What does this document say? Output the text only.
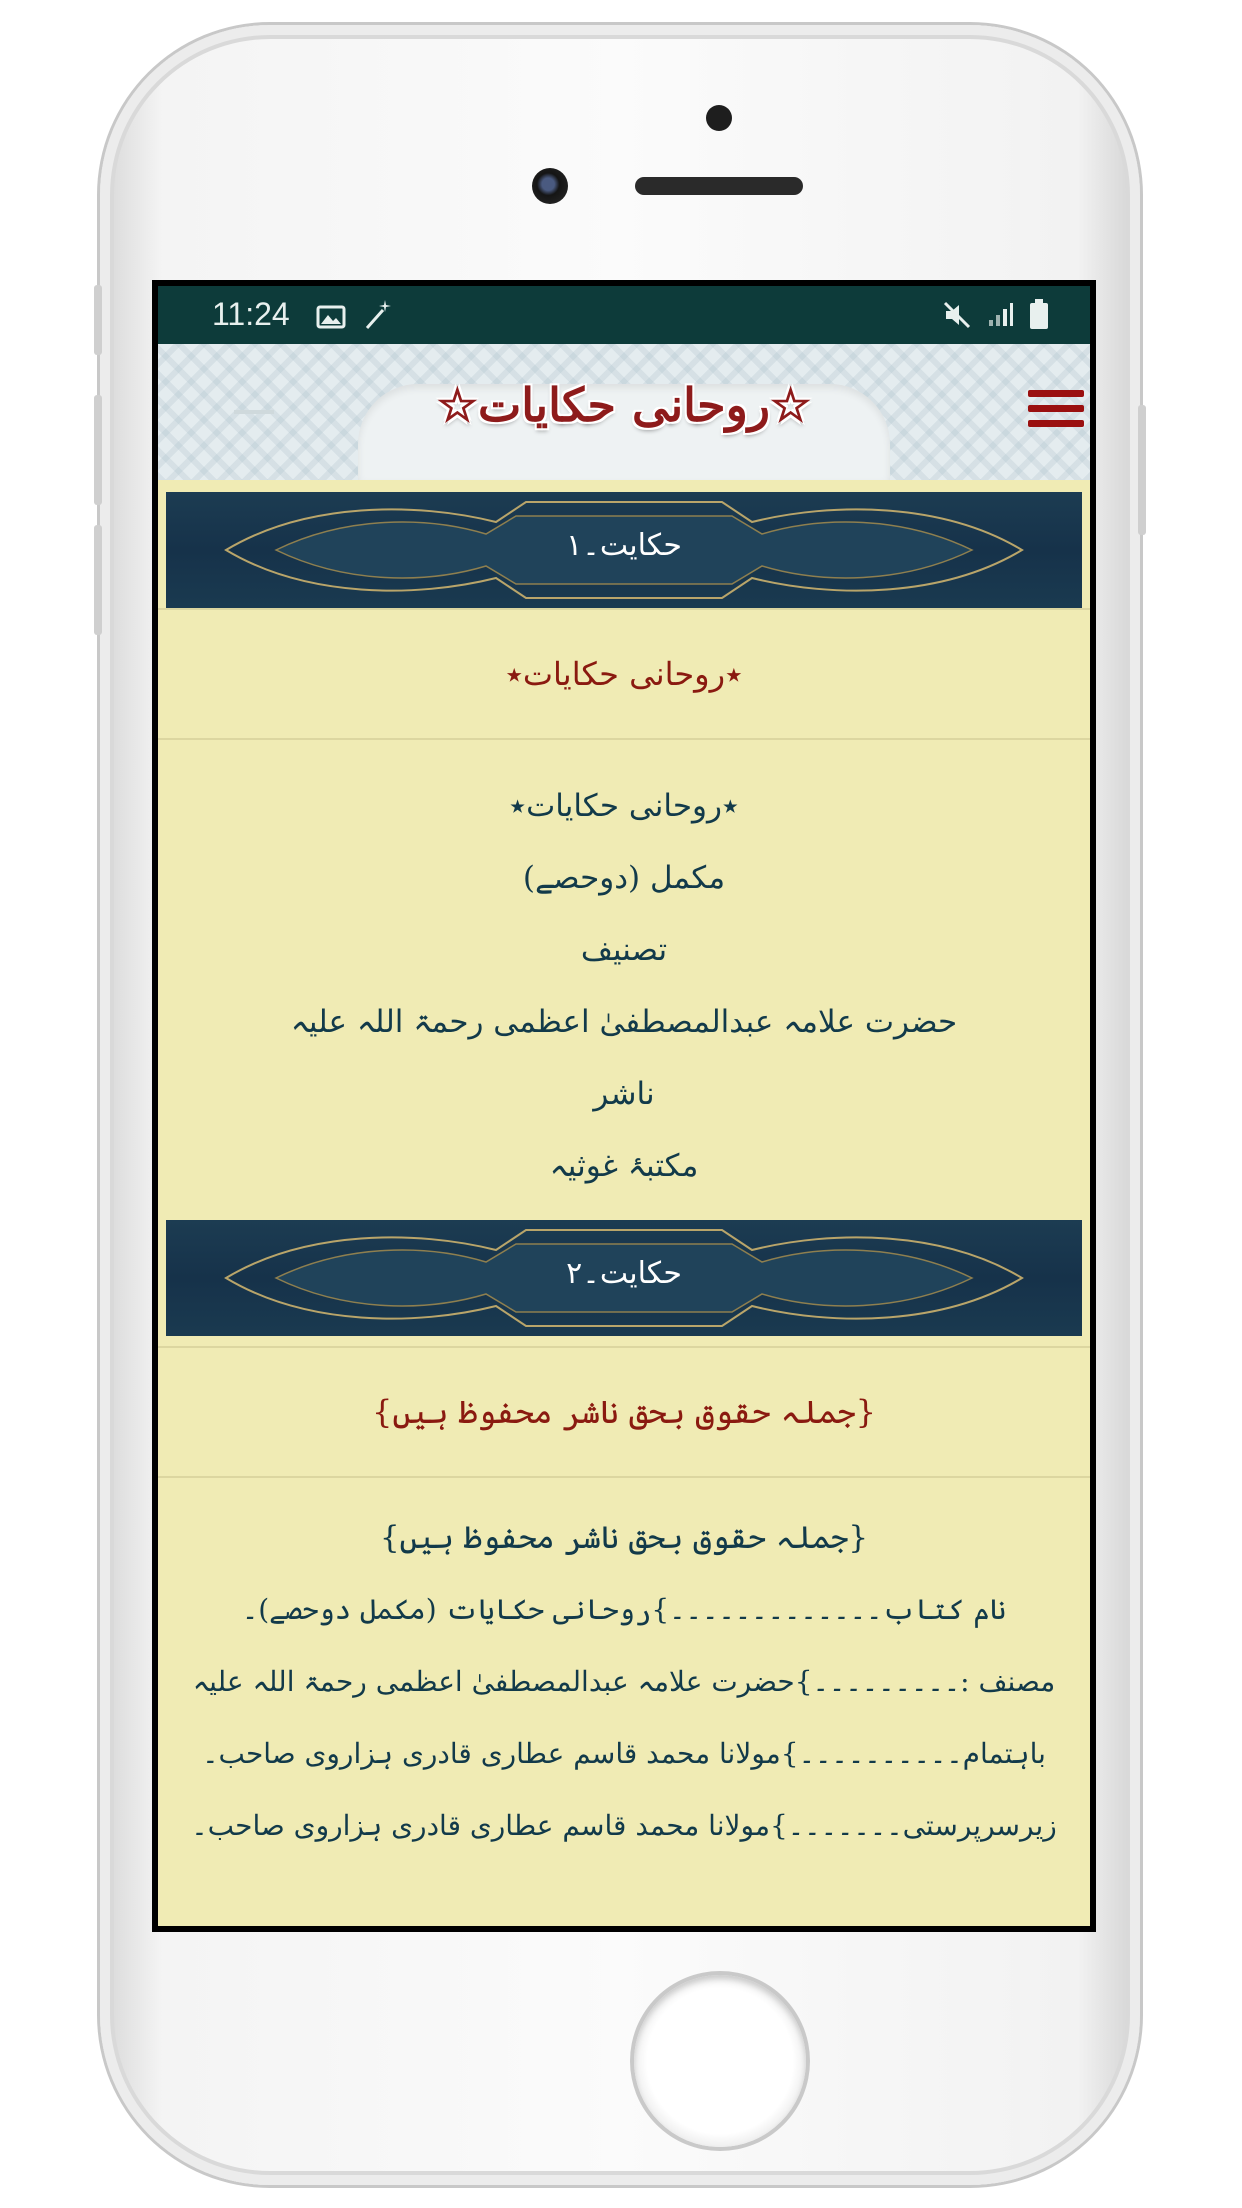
11:24

☆روحانی حکایات☆
حکایت۔۱
٭روحانی حکایات٭
٭روحانی حکایات٭
مکمل (دوحصے)
تصنیف
حضرت علامہ عبدالمصطفیٰ اعظمی رحمۃ اللہ علیہ
ناشر
مکتبۂ غوثیہ
حکایت۔۲
{جملہ حقوق بحق ناشر محفوظ ہیں}
{جملہ حقوق بحق ناشر محفوظ ہیں}
نام کتاب۔۔۔۔۔۔۔۔۔۔۔۔۔}روحانی حکایات (مکمل دوحصے)۔
مصنف :۔۔۔۔۔۔۔۔۔}حضرت علامہ عبدالمصطفیٰ اعظمی رحمۃ اللہ علیہ
باہتمام۔۔۔۔۔۔۔۔۔۔}مولانا محمد قاسم عطاری قادری ہزاروی صاحب۔
زیرسرپرستی۔۔۔۔۔۔۔}مولانا محمد قاسم عطاری قادری ہزاروی صاحب۔
